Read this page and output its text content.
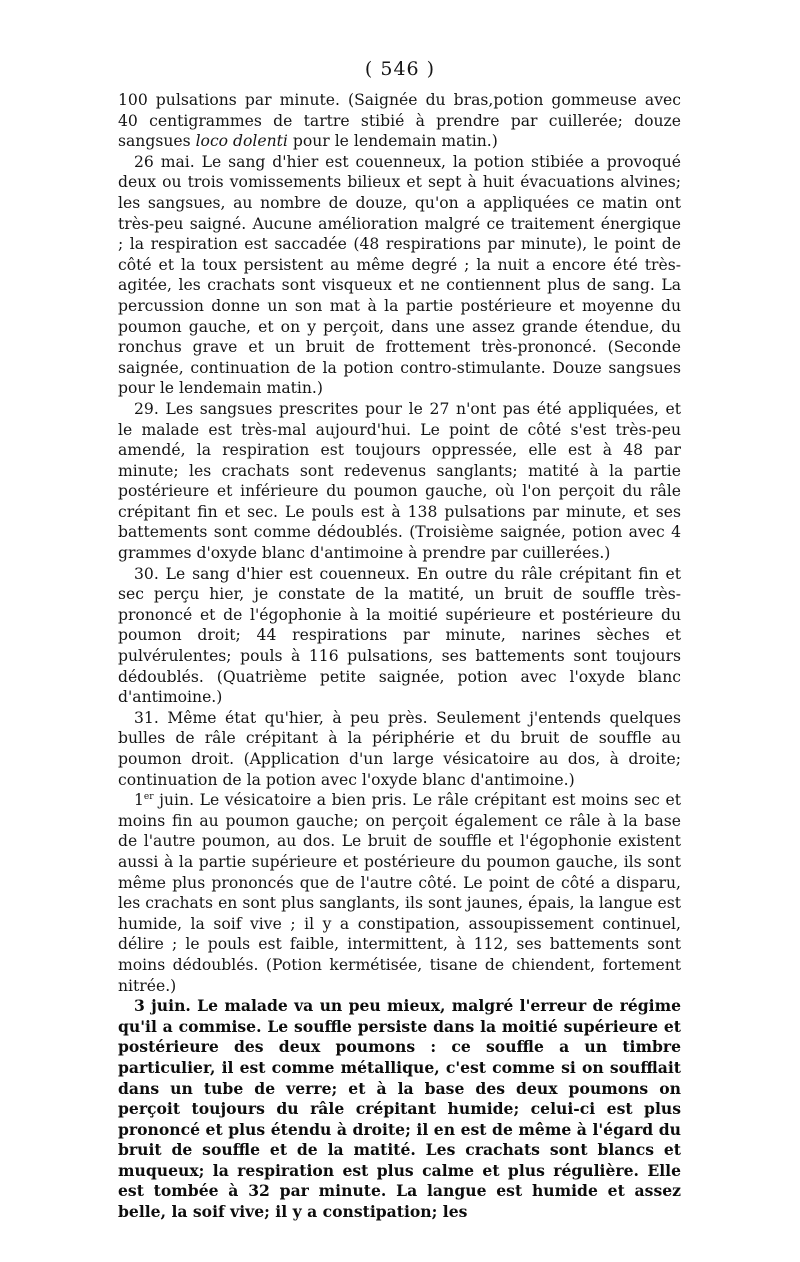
( 546 )

100 pulsations par minute. (Saignée du bras,potion gommeuse avec 40 centigrammes de tartre stibié à prendre par cuillerée; douze sangsues loco dolenti pour le lendemain matin.)

26 mai. Le sang d'hier est couenneux, la potion stibiée a provoqué deux ou trois vomissements bilieux et sept à huit évacuations alvines; les sangsues, au nombre de douze, qu'on a appliquées ce matin ont très-peu saigné. Aucune amélioration malgré ce traitement énergique ; la respiration est saccadée (48 respirations par minute), le point de côté et la toux persistent au même degré ; la nuit a encore été très-agitée, les crachats sont visqueux et ne contiennent plus de sang. La percussion donne un son mat à la partie postérieure et moyenne du poumon gauche, et on y perçoit, dans une assez grande étendue, du ronchus grave et un bruit de frottement très-prononcé. (Seconde saignée, continuation de la potion contro-stimulante. Douze sangsues pour le lendemain matin.)

29. Les sangsues prescrites pour le 27 n'ont pas été appliquées, et le malade est très-mal aujourd'hui. Le point de côté s'est très-peu amendé, la respiration est toujours oppressée, elle est à 48 par minute; les crachats sont redevenus sanglants; matité à la partie postérieure et inférieure du poumon gauche, où l'on perçoit du râle crépitant fin et sec. Le pouls est à 138 pulsations par minute, et ses battements sont comme dédoublés. (Troisième saignée, potion avec 4 grammes d'oxyde blanc d'antimoine à prendre par cuillerées.)

30. Le sang d'hier est couenneux. En outre du râle crépitant fin et sec perçu hier, je constate de la matité, un bruit de souffle très-prononcé et de l'égophonie à la moitié supérieure et postérieure du poumon droit; 44 respirations par minute, narines sèches et pulvérulentes; pouls à 116 pulsations, ses battements sont toujours dédoublés. (Quatrième petite saignée, potion avec l'oxyde blanc d'antimoine.)

31. Même état qu'hier, à peu près. Seulement j'entends quelques bulles de râle crépitant à la périphérie et du bruit de souffle au poumon droit. (Application d'un large vésicatoire au dos, à droite; continuation de la potion avec l'oxyde blanc d'antimoine.)

1er juin. Le vésicatoire a bien pris. Le râle crépitant est moins sec et moins fin au poumon gauche; on perçoit également ce râle à la base de l'autre poumon, au dos. Le bruit de souffle et l'égophonie existent aussi à la partie supérieure et postérieure du poumon gauche, ils sont même plus prononcés que de l'autre côté. Le point de côté a disparu, les crachats en sont plus sanglants, ils sont jaunes, épais, la langue est humide, la soif vive ; il y a constipation, assoupissement continuel, délire ; le pouls est faible, intermittent, à 112, ses battements sont moins dédoublés. (Potion kermétisée, tisane de chiendent, fortement nitrée.)

3 juin. Le malade va un peu mieux, malgré l'erreur de régime qu'il a commise. Le souffle persiste dans la moitié supérieure et postérieure des deux poumons : ce souffle a un timbre particulier, il est comme métallique, c'est comme si on soufflait dans un tube de verre; et à la base des deux poumons on perçoit toujours du râle crépitant humide; celui-ci est plus prononcé et plus étendu à droite; il en est de même à l'égard du bruit de souffle et de la matité. Les crachats sont blancs et muqueux; la respiration est plus calme et plus régulière. Elle est tombée à 32 par minute. La langue est humide et assez belle, la soif vive; il y a constipation; les
